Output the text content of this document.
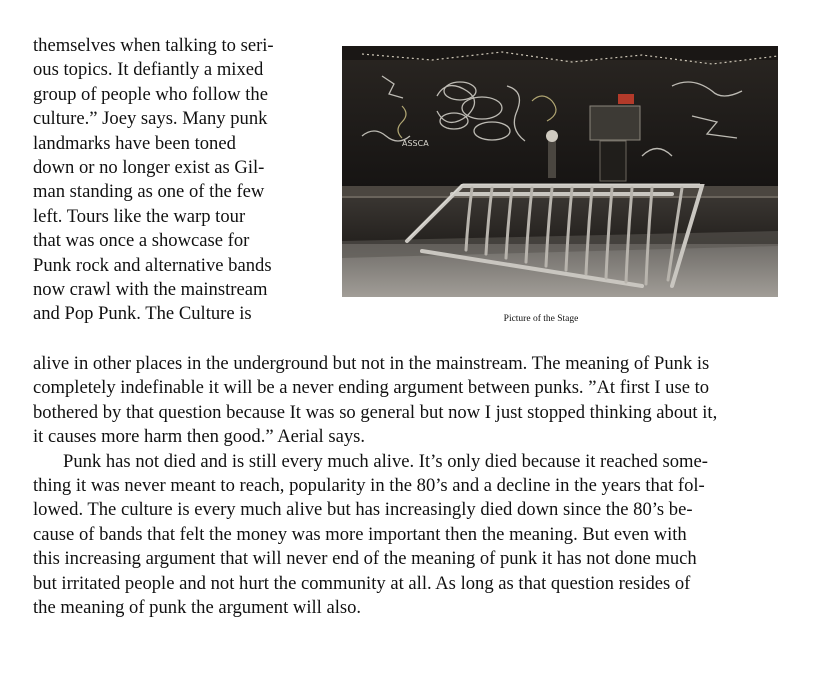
themselves when talking to seri-
ous topics. It defiantly a mixed
group of people who follow the
culture.” Joey says. Many punk
landmarks have been toned
down or no longer exist as Gil-
man standing as one of the few
left. Tours like the warp tour
that was once a showcase for
Punk rock and alternative bands
now crawl with the mainstream
and Pop Punk. The Culture is
ASSCA
Picture of the Stage
alive in other places in the underground but not in the mainstream. The meaning of Punk is
completely indefinable it will be a never ending argument between punks. ”At first I use to
bothered by that question because It was so general but now I just stopped thinking about it,
it causes more harm then good.” Aerial says.
Punk has not died and is still every much alive. It’s only died because it reached some-
thing it was never meant to reach, popularity in the 80’s and a decline in the years that fol-
lowed. The culture is every much alive but has increasingly died down since the 80’s be-
cause of bands that felt the money was more important then the meaning. But even with
this increasing argument that will never end of the meaning of punk it has not done much
but irritated people and not hurt the community at all. As long as that question resides of
the meaning of punk the argument will also.
